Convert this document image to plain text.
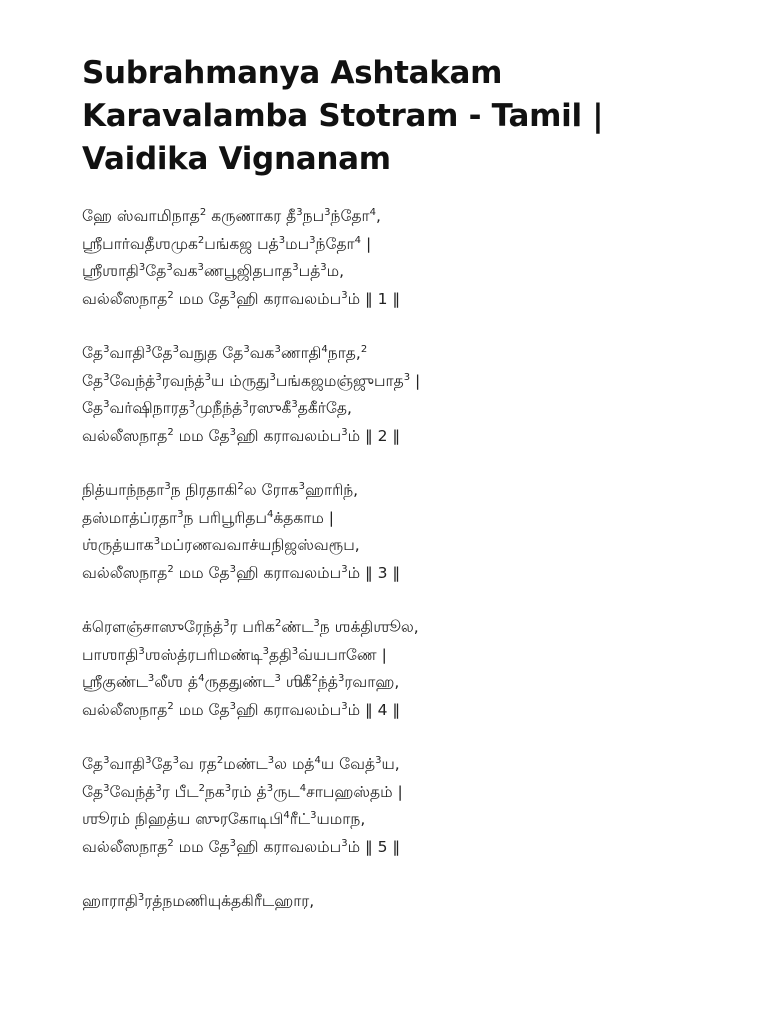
Subrahmanya Ashtakam Karavalamba Stotram - Tamil | Vaidika Vignanam
ஹே ஸ்வாமிநாத$^2$ கருணாகர தீ$^3$நப$^3$ந்தோ$^4$,
ஶ்ரீபார்வதீஶமுக$^2$பங்கஜ பத்$^3$மப$^3$ந்தோ$^4$ |
ஶ்ரீஶாதி$^3$தே$^3$வக$^3$ணபூஜிதபாத$^3$பத்$^3$ம,
வல்லீஸநாத$^2$ மம தே$^3$ஹி கராவலம்ப$^3$ம் ‖ 1 ‖
தே$^3$வாதி$^3$தே$^3$வநுத தே$^3$வக$^3$ணாதி$^4$நாத,$^2$
தே$^3$வேந்த்$^3$ரவந்த்$^3$ய ம்ருது$^3$பங்கஜமஞ்ஜுபாத$^3$ |
தே$^3$வர்ஷிநாரத$^3$முநீந்த்$^3$ரஸுகீ$^3$தகீர்தே,
வல்லீஸநாத$^2$ மம தே$^3$ஹி கராவலம்ப$^3$ம் ‖ 2 ‖
நித்யாந்நதா$^3$ந நிரதாகி$^2$ல ரோக$^3$ஹாரிந்,
தஸ்மாத்ப்ரதா$^3$ந பரிபூரிதப$^4$க்தகாம |
ஶ்ருத்யாக$^3$மப்ரணவவாச்யநிஜஸ்வரூப,
வல்லீஸநாத$^2$ மம தே$^3$ஹி கராவலம்ப$^3$ம் ‖ 3 ‖
க்ரௌஞ்சாஸுரேந்த்$^3$ர பரிக$^2$ண்ட$^3$ந ஶக்திஶூல,
பாஶாதி$^3$ஶஸ்த்ரபரிமண்டி$^3$ததி$^3$வ்யபாணே |
ஶ்ரீகுண்ட$^3$லீஶ த்$^4$ருததுண்ட$^3$ ஶிகீ$^2$ந்த்$^3$ரவாஹ,
வல்லீஸநாத$^2$ மம தே$^3$ஹி கராவலம்ப$^3$ம் ‖ 4 ‖
தே$^3$வாதி$^3$தே$^3$வ ரத$^2$மண்ட$^3$ல மத்$^4$ய வேத்$^3$ய,
தே$^3$வேந்த்$^3$ர பீட$^2$நக$^3$ரம் த்$^3$ருட$^4$சாபஹஸ்தம் |
ஶூரம் நிஹத்ய ஸுரகோடிபி$^4$ரீட்$^3$யமாந,
வல்லீஸநாத$^2$ மம தே$^3$ஹி கராவலம்ப$^3$ம் ‖ 5 ‖
ஹாராதி$^3$ரத்நமணியுக்தகிரீடஹார,
